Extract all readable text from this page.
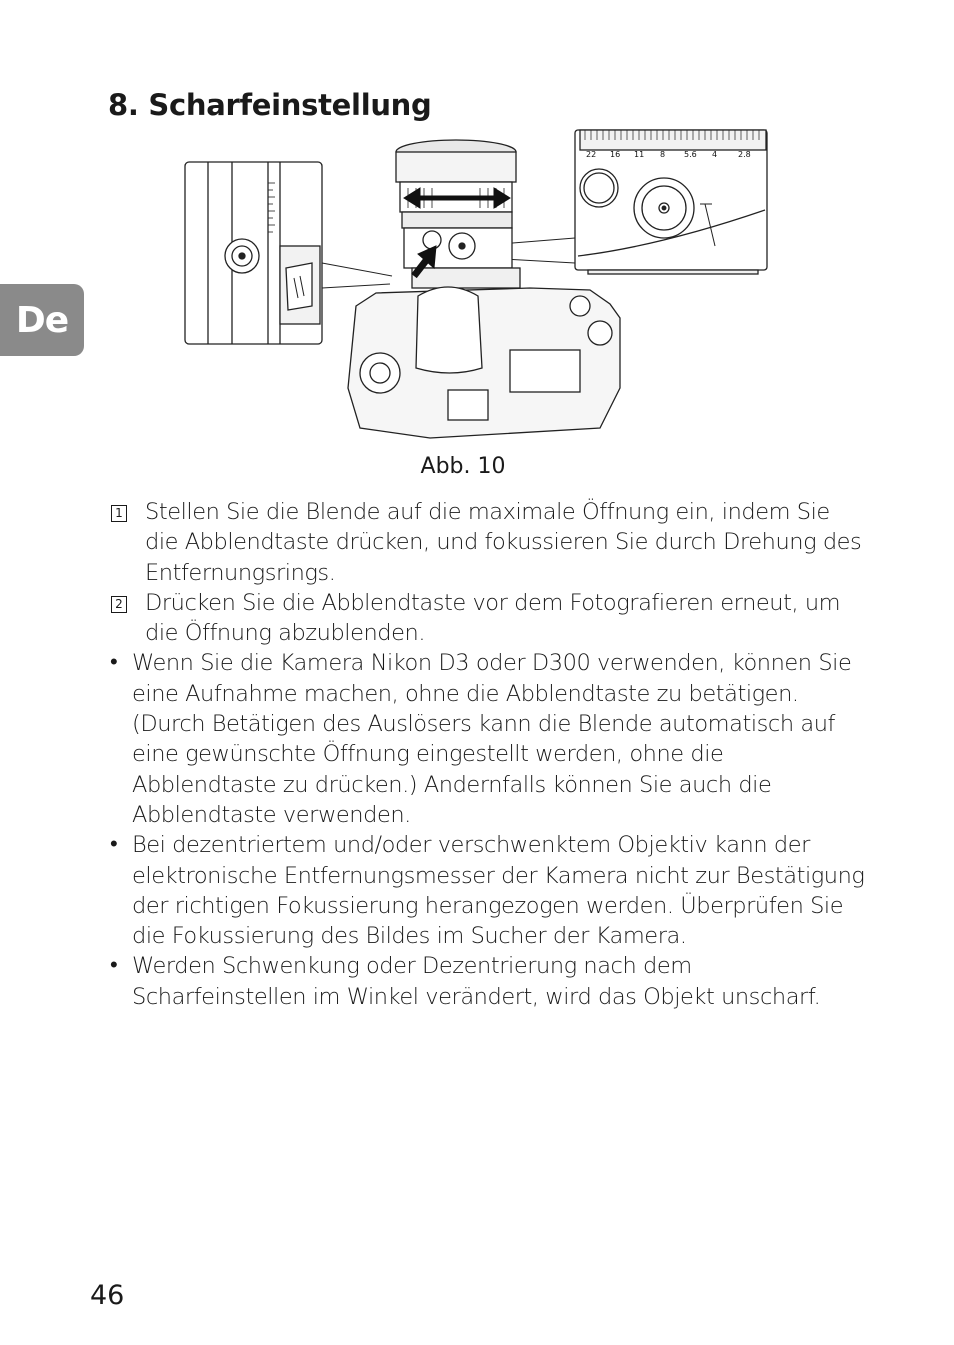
8. Scharfeinstellung
De
22 16 11 8 5.6 4	2.8
Abb. 10
1 Stellen Sie die Blende auf die maximale Öffnung ein, indem Sie die Abblendtaste drücken, und fokussieren Sie durch Drehung des Entfernungsrings.
2 Drücken Sie die Abblendtaste vor dem Fotografieren erneut, um die Öffnung abzublenden.
• Wenn Sie die Kamera Nikon D3 oder D300 verwenden, können Sie eine Aufnahme machen, ohne die Abblendtaste zu betätigen. (Durch Betätigen des Auslösers kann die Blende automatisch auf eine gewünschte Öffnung eingestellt werden, ohne die Abblendtaste zu drücken.) Andernfalls können Sie auch die Abblendtaste verwenden.
• Bei dezentriertem und/oder verschwenktem Objektiv kann der elektronische Entfernungsmesser der Kamera nicht zur Bestätigung der richtigen Fokussierung herangezogen werden. Überprüfen Sie die Fokussierung des Bildes im Sucher der Kamera.
• Werden Schwenkung oder Dezentrierung nach dem Scharfeinstellen im Winkel verändert, wird das Objekt unscharf.
46
